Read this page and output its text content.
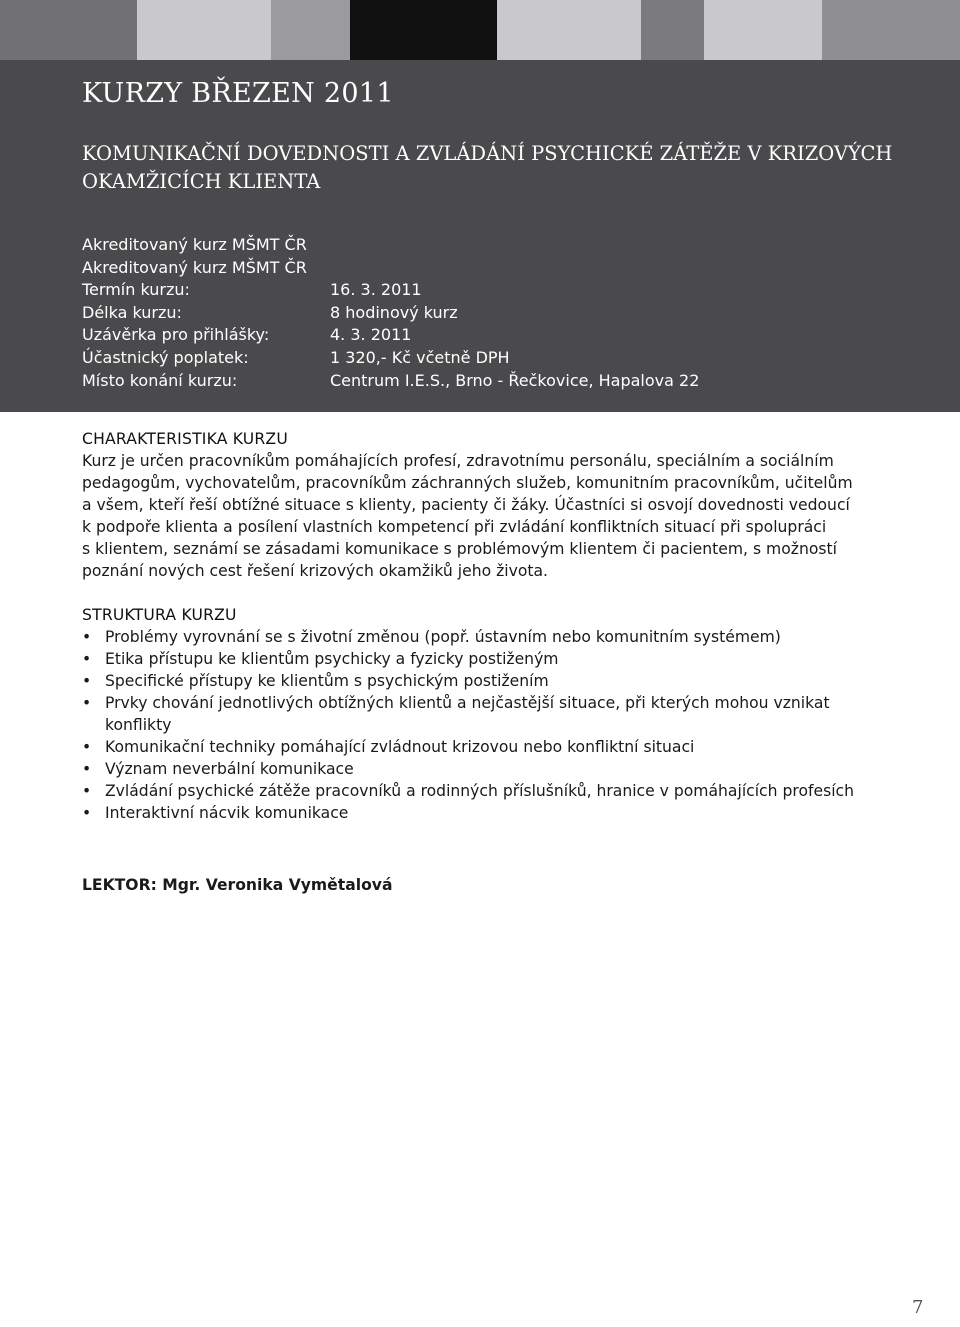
KURZY BŘEZEN 2011
KOMUNIKAČNÍ DOVEDNOSTI A ZVLÁDÁNÍ PSYCHICKÉ ZÁTĚŽE V KRIZOVÝCH OKAMŽICÍCH KLIENTA
Akreditovaný kurz MŠMT ČR
Akreditovaný kurz MŠMT ČR
Termín kurzu:	16. 3. 2011
Délka kurzu:	8 hodinový kurz
Uzávěrka pro přihlášky:	4. 3. 2011
Účastnický poplatek:	1 320,- Kč včetně DPH
Místo konání kurzu:	Centrum I.E.S., Brno - Řečkovice, Hapalova 22
CHARAKTERISTIKA KURZU

Kurz je určen pracovníkům pomáhajících profesí, zdravotnímu personálu, speciálním a sociálním
pedagogům, vychovatelům, pracovníkům záchranných služeb, komunitním pracovníkům, učitelům
a všem, kteří řeší obtížné situace s klienty, pacienty či žáky. Účastníci si osvojí dovednosti vedoucí
k podpoře klienta a posílení vlastních kompetencí při zvládání konfliktních situací při spolupráci
s klientem, seznámí se zásadami komunikace s problémovým klientem či pacientem, s možností
poznání nových cest řešení krizových okamžiků jeho života.

STRUKTURA KURZU
• Problémy vyrovnání se s životní změnou (popř. ústavním nebo komunitním systémem)
• Etika přístupu ke klientům psychicky a fyzicky postiženým
• Specifické přístupy ke klientům s psychickým postižením
• Prvky chování jednotlivých obtížných klientů a nejčastější situace, při kterých mohou vznikat konflikty
• Komunikační techniky pomáhající zvládnout krizovou nebo konfliktní situaci
• Význam neverbální komunikace
• Zvládání psychické zátěže pracovníků a rodinných příslušníků, hranice v pomáhajících profesích
• Interaktivní nácvik komunikace
LEKTOR: Mgr. Veronika Vymětalová
7
